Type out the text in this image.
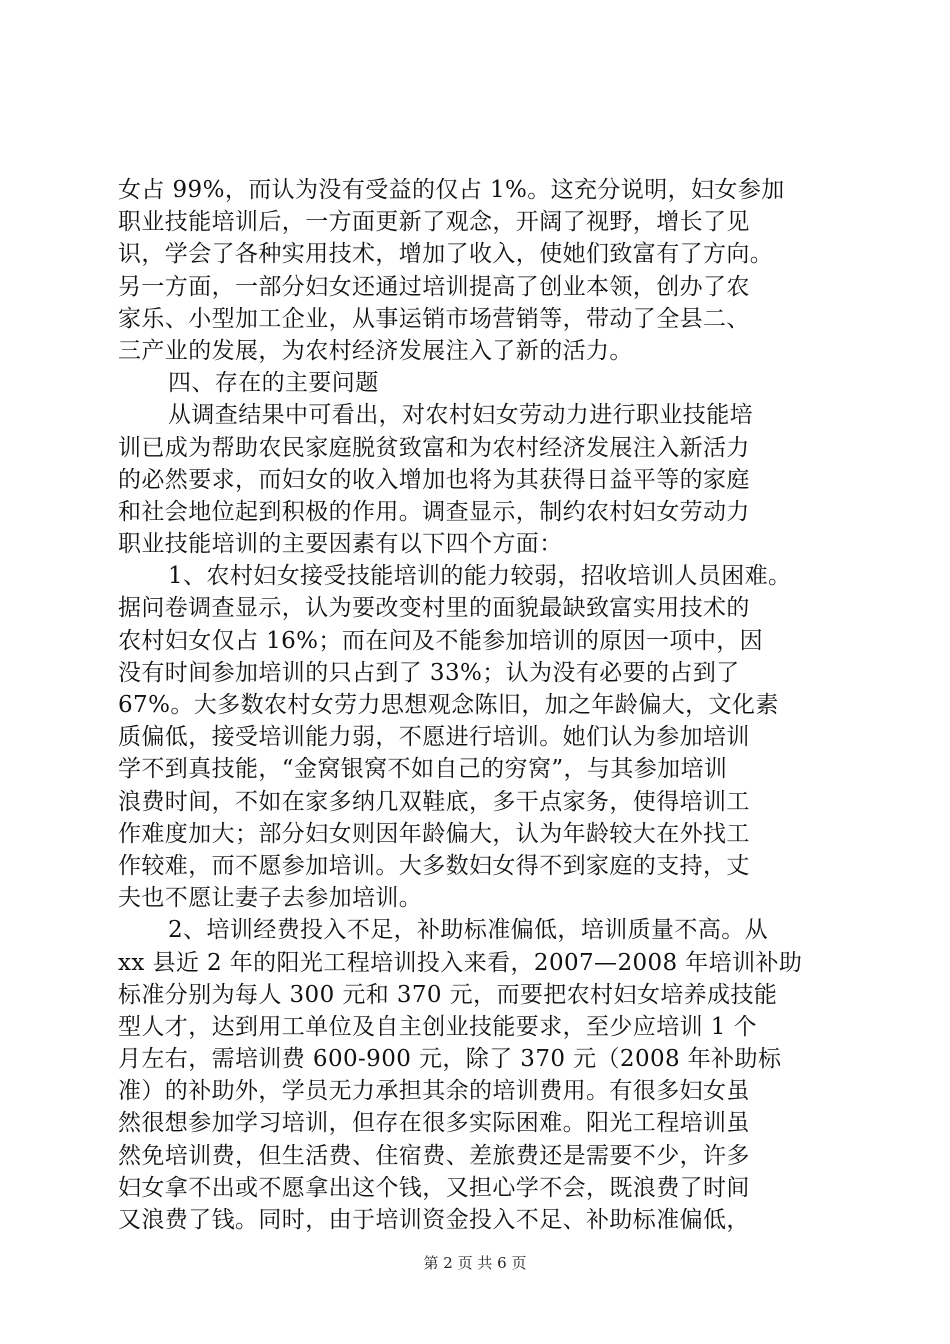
女占 99%，而认为没有受益的仅占 1%。这充分说明，妇女参加
职业技能培训后，一方面更新了观念，开阔了视野，增长了见
识，学会了各种实用技术，增加了收入，使她们致富有了方向。
另一方面，一部分妇女还通过培训提高了创业本领，创办了农
家乐、小型加工企业，从事运销市场营销等，带动了全县二、
三产业的发展，为农村经济发展注入了新的活力。
四、存在的主要问题
从调查结果中可看出，对农村妇女劳动力进行职业技能培
训已成为帮助农民家庭脱贫致富和为农村经济发展注入新活力
的必然要求，而妇女的收入增加也将为其获得日益平等的家庭
和社会地位起到积极的作用。调查显示，制约农村妇女劳动力
职业技能培训的主要因素有以下四个方面：
1、农村妇女接受技能培训的能力较弱，招收培训人员困难。
据问卷调查显示，认为要改变村里的面貌最缺致富实用技术的
农村妇女仅占 16%；而在问及不能参加培训的原因一项中，因
没有时间参加培训的只占到了 33%；认为没有必要的占到了
67%。大多数农村女劳力思想观念陈旧，加之年龄偏大，文化素
质偏低，接受培训能力弱，不愿进行培训。她们认为参加培训
学不到真技能，“金窝银窝不如自己的穷窝”，与其参加培训
浪费时间，不如在家多纳几双鞋底，多干点家务，使得培训工
作难度加大；部分妇女则因年龄偏大，认为年龄较大在外找工
作较难，而不愿参加培训。大多数妇女得不到家庭的支持，丈
夫也不愿让妻子去参加培训。
2、培训经费投入不足，补助标准偏低，培训质量不高。从
xx 县近 2 年的阳光工程培训投入来看，2007—2008 年培训补助
标准分别为每人 300 元和 370 元，而要把农村妇女培养成技能
型人才，达到用工单位及自主创业技能要求，至少应培训 1 个
月左右，需培训费 600-900 元，除了 370 元（2008 年补助标
准）的补助外，学员无力承担其余的培训费用。有很多妇女虽
然很想参加学习培训，但存在很多实际困难。阳光工程培训虽
然免培训费，但生活费、住宿费、差旅费还是需要不少，许多
妇女拿不出或不愿拿出这个钱，又担心学不会，既浪费了时间
又浪费了钱。同时，由于培训资金投入不足、补助标准偏低，
第 2 页 共 6 页
